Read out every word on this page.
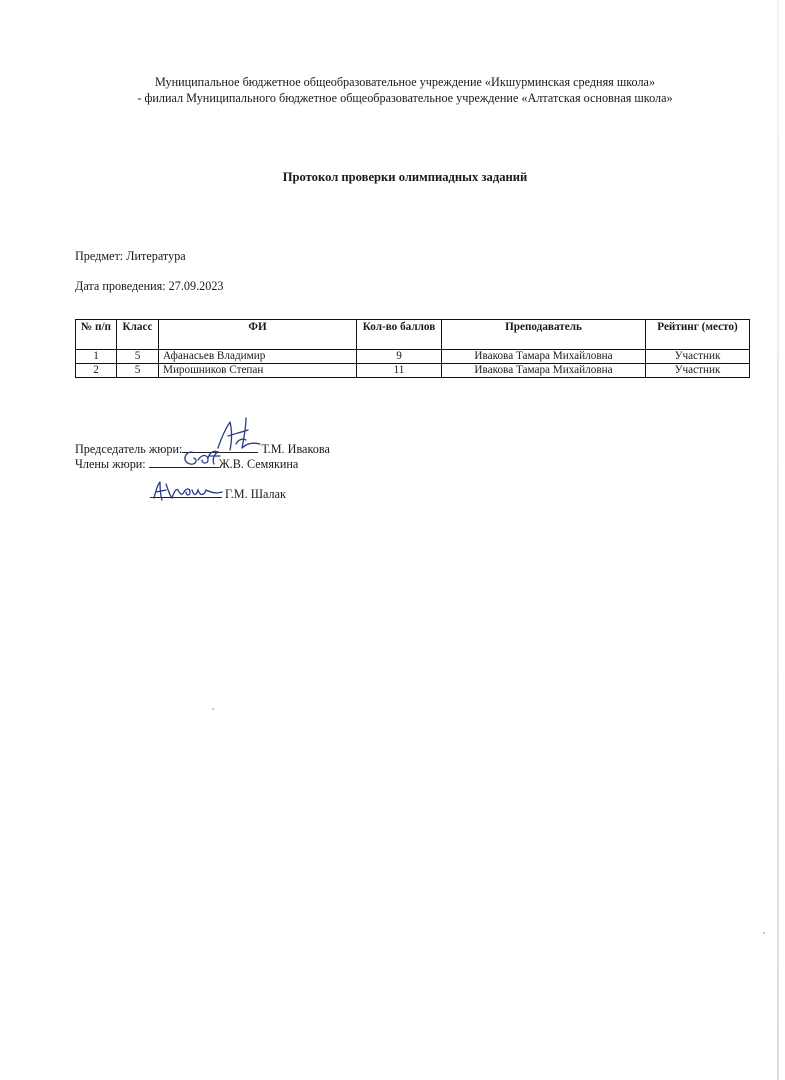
Муниципальное бюджетное общеобразовательное учреждение «Икшурминская средняя школа»
- филиал Муниципального бюджетное общеобразовательное учреждение «Алтатская основная школа»
Протокол проверки олимпиадных заданий
Предмет: Литература
Дата проведения: 27.09.2023
№ п/п	Класс	ФИ	Кол-во баллов	Преподаватель	Рейтинг (место)
1	5	Афанасьев Владимир	9	Ивакова Тамара Михайловна	Участник
2	5	Мирошников Степан	11	Ивакова Тамара Михайловна	Участник
Председатель жюри:	Т.М. Ивакова
Члены жюри:	Ж.В. Семякина
Г.М. Шалак
